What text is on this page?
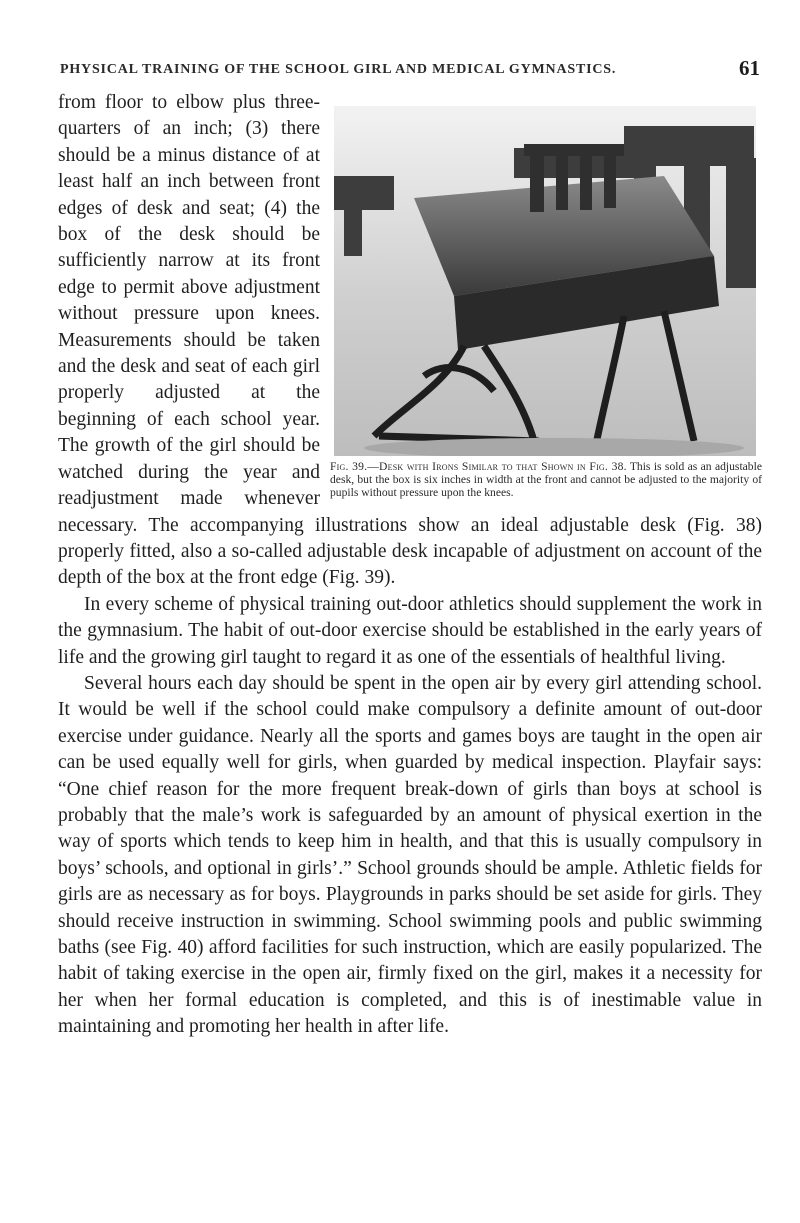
PHYSICAL TRAINING OF THE SCHOOL GIRL AND MEDICAL GYMNASTICS.	61
Fig. 39.—Desk with Irons Similar to that Shown in Fig. 38. This is sold as an adjustable desk, but the box is six inches in width at the front and cannot be adjusted to the majority of pupils without pressure upon the knees.

from floor to elbow plus three-quarters of an inch; (3) there should be a minus distance of at least half an inch between front edges of desk and seat; (4) the box of the desk should be sufficiently narrow at its front edge to permit above adjustment without pressure upon knees. Measurements should be taken and the desk and seat of each girl properly adjusted at the beginning of each school year. The growth of the girl should be watched during the year and readjustment made whenever necessary. The accompanying illustrations show an ideal adjustable desk (Fig. 38) properly fitted, also a so-called adjustable desk incapable of adjustment on account of the depth of the box at the front edge (Fig. 39).

In every scheme of physical training out-door athletics should supplement the work in the gymnasium. The habit of out-door exercise should be established in the early years of life and the growing girl taught to regard it as one of the essentials of healthful living.

Several hours each day should be spent in the open air by every girl attending school. It would be well if the school could make compulsory a definite amount of out-door exercise under guidance. Nearly all the sports and games boys are taught in the open air can be used equally well for girls, when guarded by medical inspection. Playfair says: “One chief reason for the more frequent break-down of girls than boys at school is probably that the male’s work is safeguarded by an amount of physical exertion in the way of sports which tends to keep him in health, and that this is usually compulsory in boys’ schools, and optional in girls’.” School grounds should be ample. Athletic fields for girls are as necessary as for boys. Playgrounds in parks should be set aside for girls. They should receive instruction in swimming. School swimming pools and public swimming baths (see Fig. 40) afford facilities for such instruction, which are easily popularized. The habit of taking exercise in the open air, firmly fixed on the girl, makes it a necessity for her when her formal education is completed, and this is of inestimable value in maintaining and promoting her health in after life.
